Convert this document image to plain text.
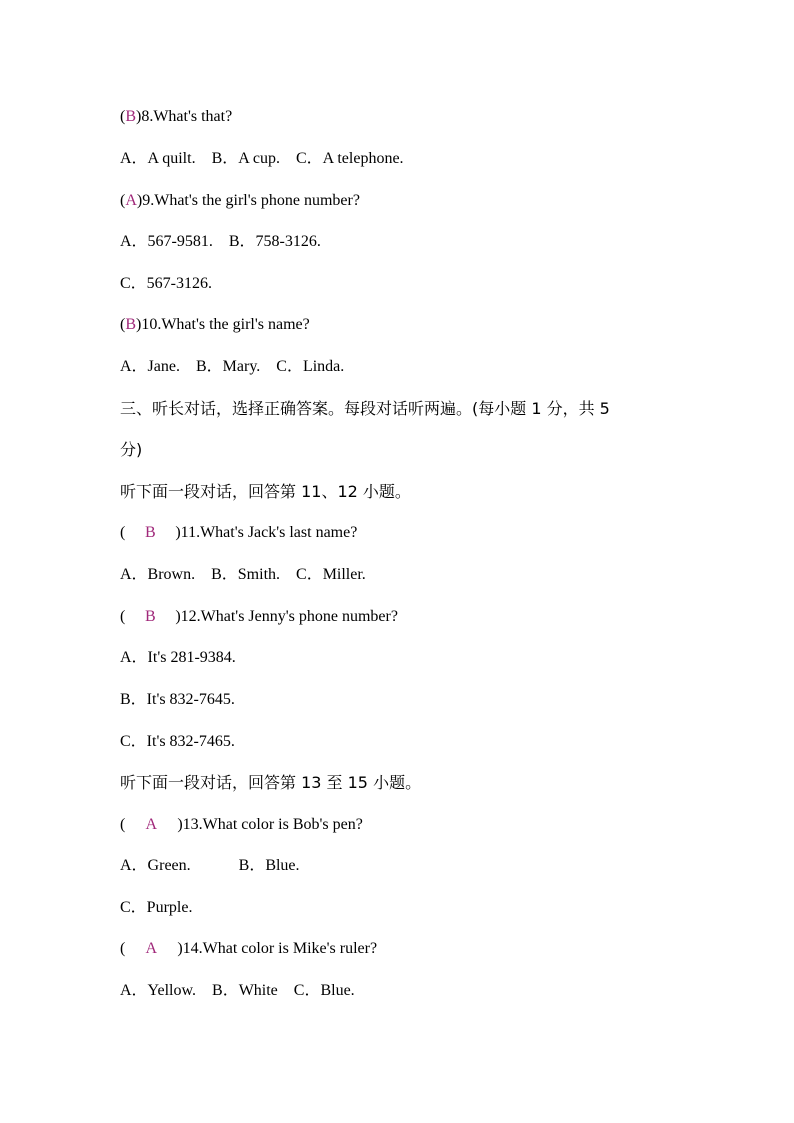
(B)8.What's that?

A．A quilt.　B．A cup.　C．A telephone.

(A)9.What's the girl's phone number?

A．567-9581.　B．758-3126.

C．567-3126.

(B)10.What's the girl's name?

A．Jane.　B．Mary.　C．Linda.

三、听长对话，选择正确答案。每段对话听两遍。(每小题 1 分，共 5

分)

听下面一段对话，回答第 11、12 小题。

( B )11.What's Jack's last name?

A．Brown.　B．Smith.　C．Miller.

( B )12.What's Jenny's phone number?

A．It's 281-9384.

B．It's 832-7645.

C．It's 832-7465.

听下面一段对话，回答第 13 至 15 小题。

( A )13.What color is Bob's pen?

A．Green.　　　B．Blue.

C．Purple.

( A )14.What color is Mike's ruler?

A．Yellow.　B．White　C．Blue.
